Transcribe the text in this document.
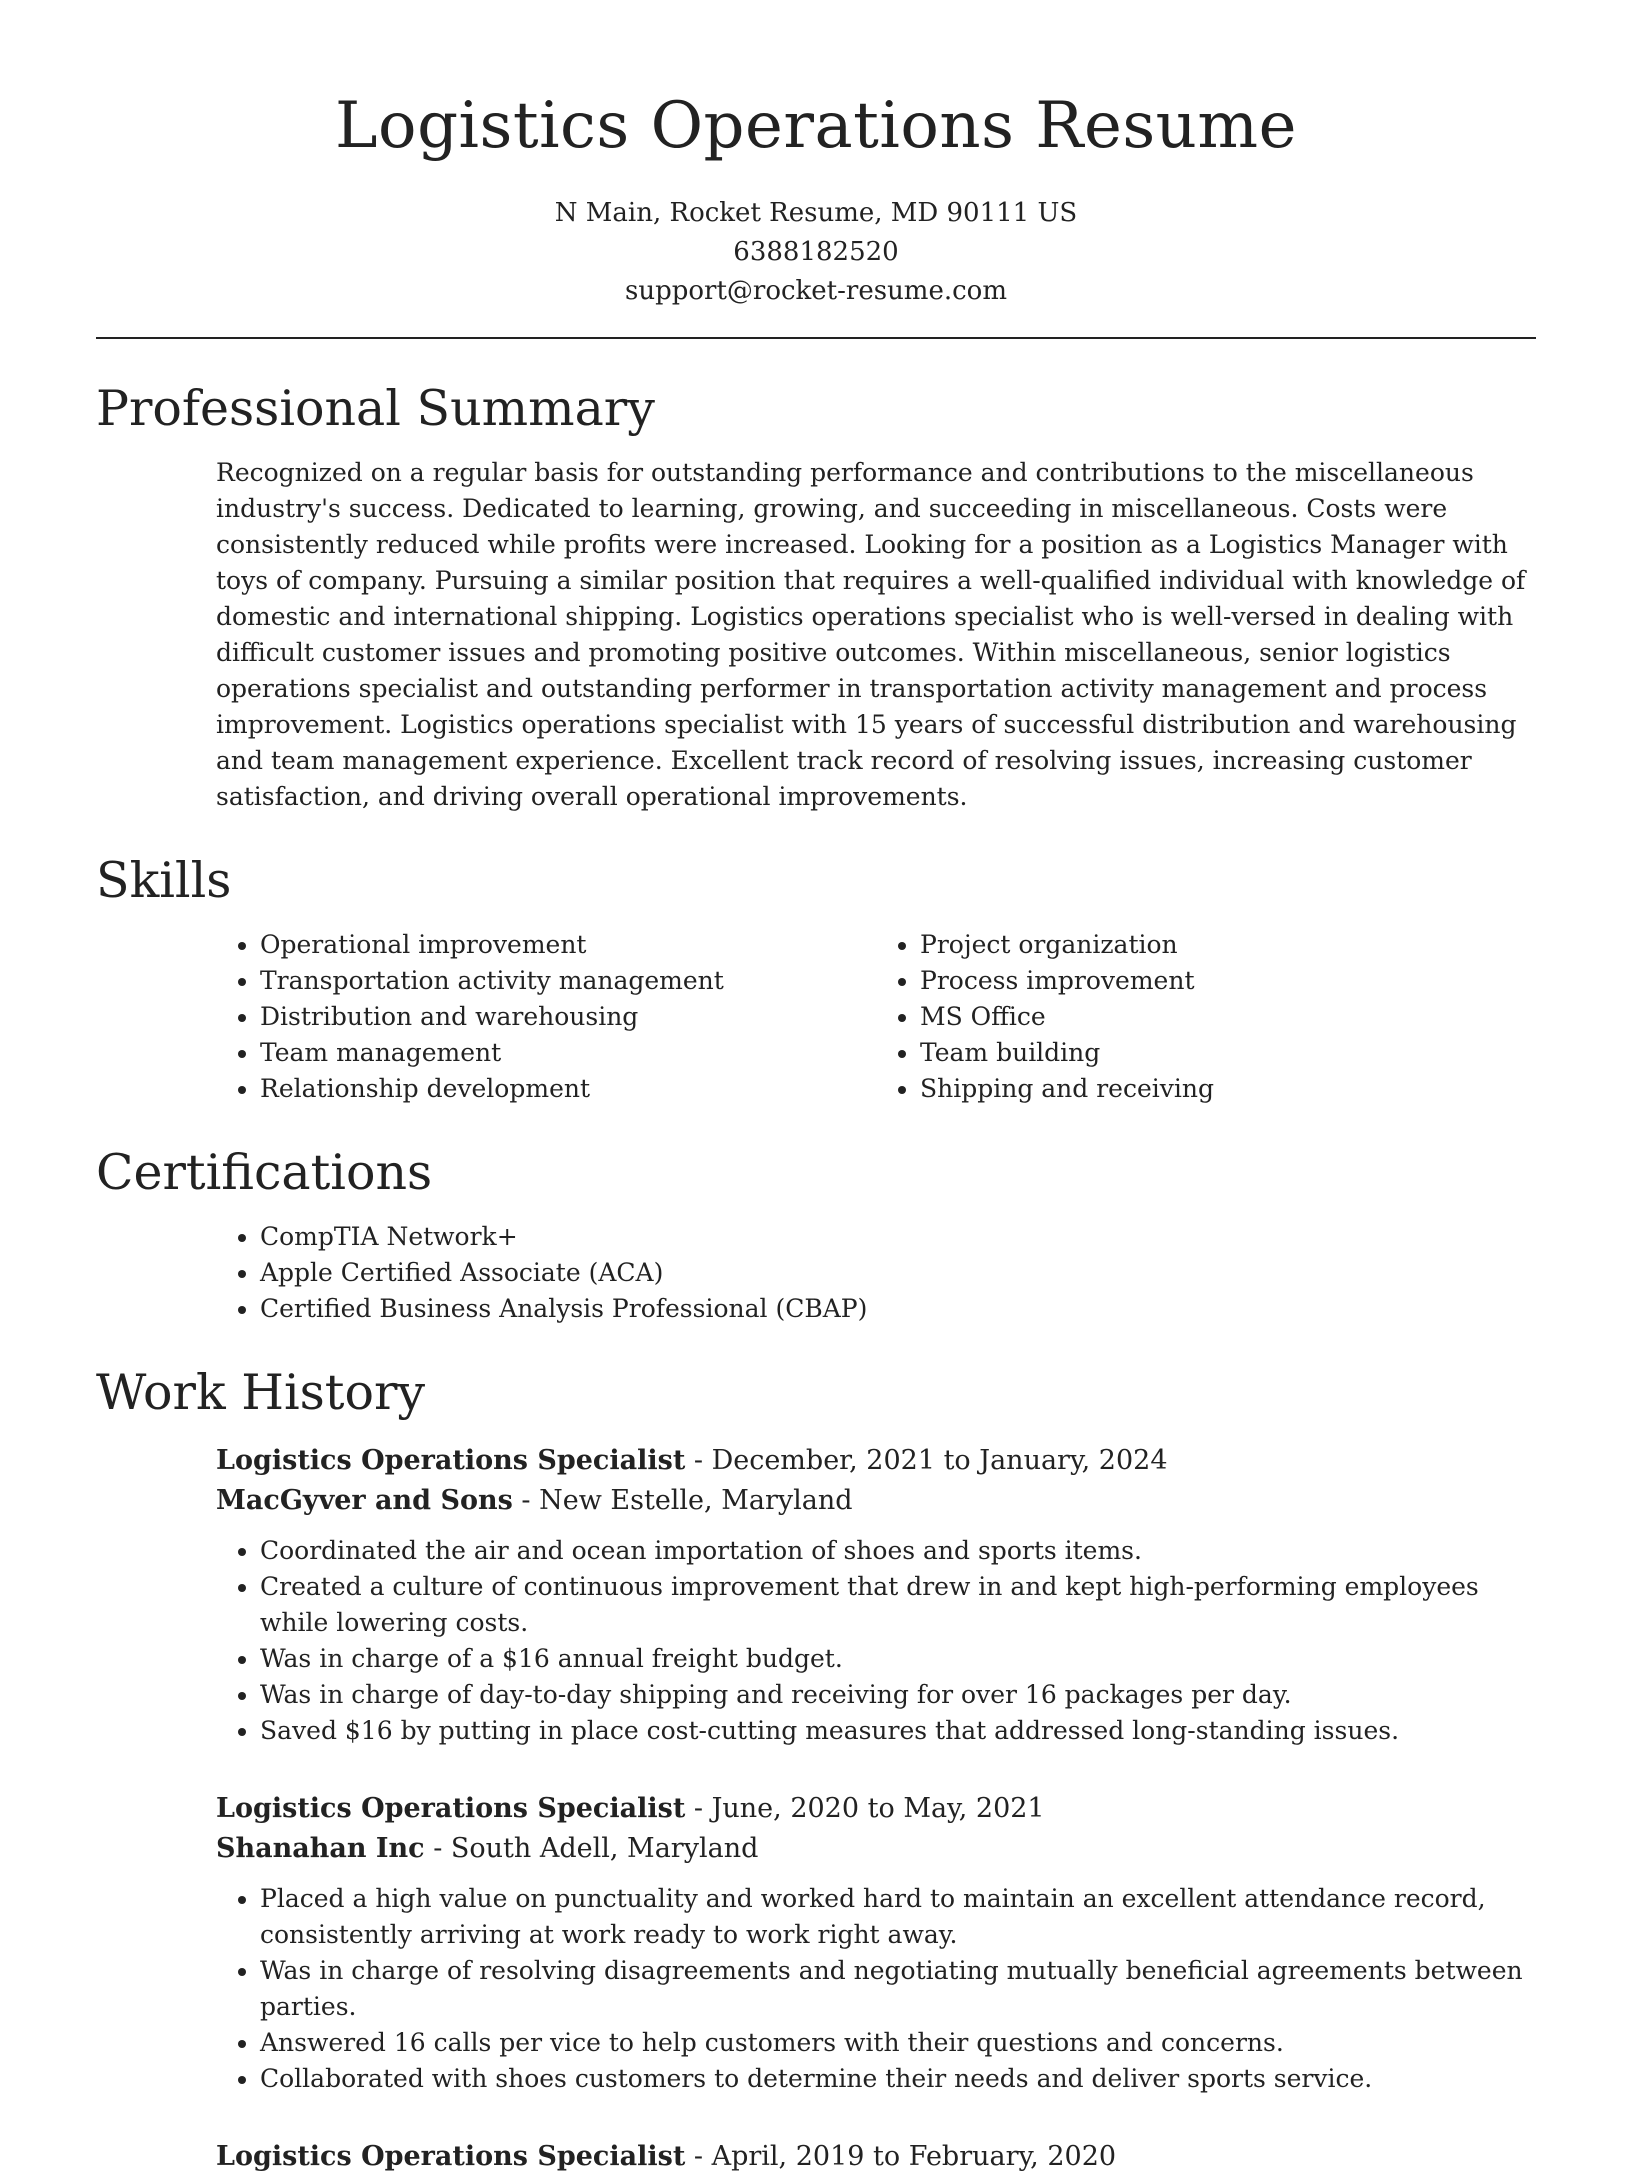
Logistics Operations Resume
N Main, Rocket Resume, MD 90111 US
6388182520
support@rocket-resume.com
Professional Summary

Recognized on a regular basis for outstanding performance and contributions to the miscellaneous industry's success. Dedicated to learning, growing, and succeeding in miscellaneous. Costs were consistently reduced while profits were increased. Looking for a position as a Logistics Manager with toys of company. Pursuing a similar position that requires a well-qualified individual with knowledge of domestic and international shipping. Logistics operations specialist who is well-versed in dealing with difficult customer issues and promoting positive outcomes. Within miscellaneous, senior logistics operations specialist and outstanding performer in transportation activity management and process improvement. Logistics operations specialist with 15 years of successful distribution and warehousing and team management experience. Excellent track record of resolving issues, increasing customer satisfaction, and driving overall operational improvements.

Skills
• Operational improvement
• Transportation activity management
• Distribution and warehousing
• Team management
• Relationship development
• Project organization
• Process improvement
• MS Office
• Team building
• Shipping and receiving
Certifications
• CompTIA Network+
• Apple Certified Associate (ACA)
• Certified Business Analysis Professional (CBAP)
Work History
Logistics Operations Specialist - December, 2021 to January, 2024
MacGyver and Sons - New Estelle, Maryland
• Coordinated the air and ocean importation of shoes and sports items.
• Created a culture of continuous improvement that drew in and kept high-performing employees while lowering costs.
• Was in charge of a $16 annual freight budget.
• Was in charge of day-to-day shipping and receiving for over 16 packages per day.
• Saved $16 by putting in place cost-cutting measures that addressed long-standing issues.
Logistics Operations Specialist - June, 2020 to May, 2021
Shanahan Inc - South Adell, Maryland
• Placed a high value on punctuality and worked hard to maintain an excellent attendance record, consistently arriving at work ready to work right away.
• Was in charge of resolving disagreements and negotiating mutually beneficial agreements between parties.
• Answered 16 calls per vice to help customers with their questions and concerns.
• Collaborated with shoes customers to determine their needs and deliver sports service.
Logistics Operations Specialist - April, 2019 to February, 2020
